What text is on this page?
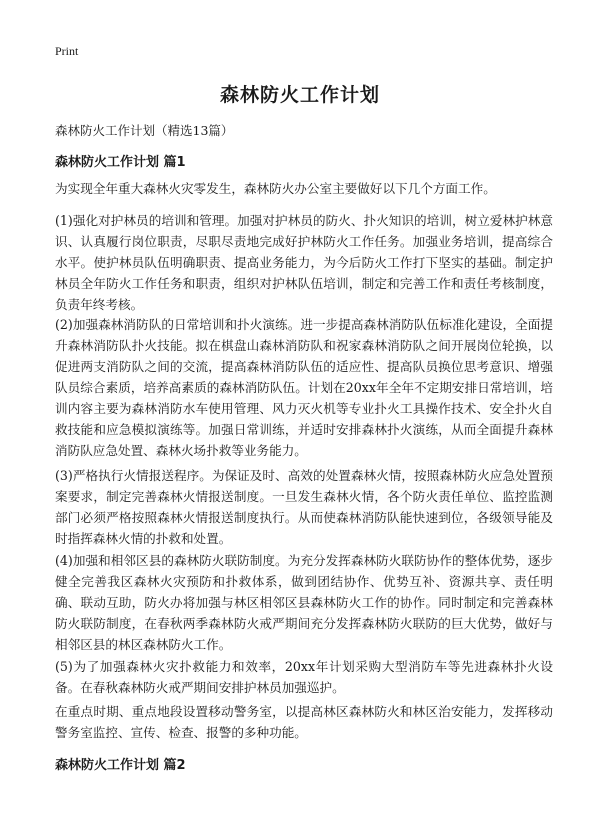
Print
森林防火工作计划

森林防火工作计划（精选13篇）

森林防火工作计划 篇1

为实现全年重大森林火灾零发生，森林防火办公室主要做好以下几个方面工作。

(1)强化对护林员的培训和管理。加强对护林员的防火、扑火知识的培训，树立爱林护林意识、认真履行岗位职责，尽职尽责地完成好护林防火工作任务。加强业务培训，提高综合水平。使护林员队伍明确职责、提高业务能力，为今后防火工作打下坚实的基础。制定护林员全年防火工作任务和职责，组织对护林队伍培训，制定和完善工作和责任考核制度，负责年终考核。

(2)加强森林消防队的日常培训和扑火演练。进一步提高森林消防队伍标准化建设，全面提升森林消防队扑火技能。拟在棋盘山森林消防队和祝家森林消防队之间开展岗位轮换，以促进两支消防队之间的交流，提高森林消防队伍的适应性、提高队员换位思考意识、增强队员综合素质，培养高素质的森林消防队伍。计划在20xx年全年不定期安排日常培训，培训内容主要为森林消防水车使用管理、风力灭火机等专业扑火工具操作技术、安全扑火自救技能和应急模拟演练等。加强日常训练，并适时安排森林扑火演练，从而全面提升森林消防队应急处置、森林火场扑救等业务能力。

(3)严格执行火情报送程序。为保证及时、高效的处置森林火情，按照森林防火应急处置预案要求，制定完善森林火情报送制度。一旦发生森林火情，各个防火责任单位、监控监测部门必须严格按照森林火情报送制度执行。从而使森林消防队能快速到位，各级领导能及时指挥森林火情的扑救和处置。

(4)加强和相邻区县的森林防火联防制度。为充分发挥森林防火联防协作的整体优势，逐步健全完善我区森林火灾预防和扑救体系，做到团结协作、优势互补、资源共享、责任明确、联动互助，防火办将加强与林区相邻区县森林防火工作的协作。同时制定和完善森林防火联防制度，在春秋两季森林防火戒严期间充分发挥森林防火联防的巨大优势，做好与相邻区县的林区森林防火工作。

(5)为了加强森林火灾扑救能力和效率，20xx年计划采购大型消防车等先进森林扑火设备。在春秋森林防火戒严期间安排护林员加强巡护。

在重点时期、重点地段设置移动警务室，以提高林区森林防火和林区治安能力，发挥移动警务室监控、宣传、检查、报警的多种功能。

森林防火工作计划 篇2
